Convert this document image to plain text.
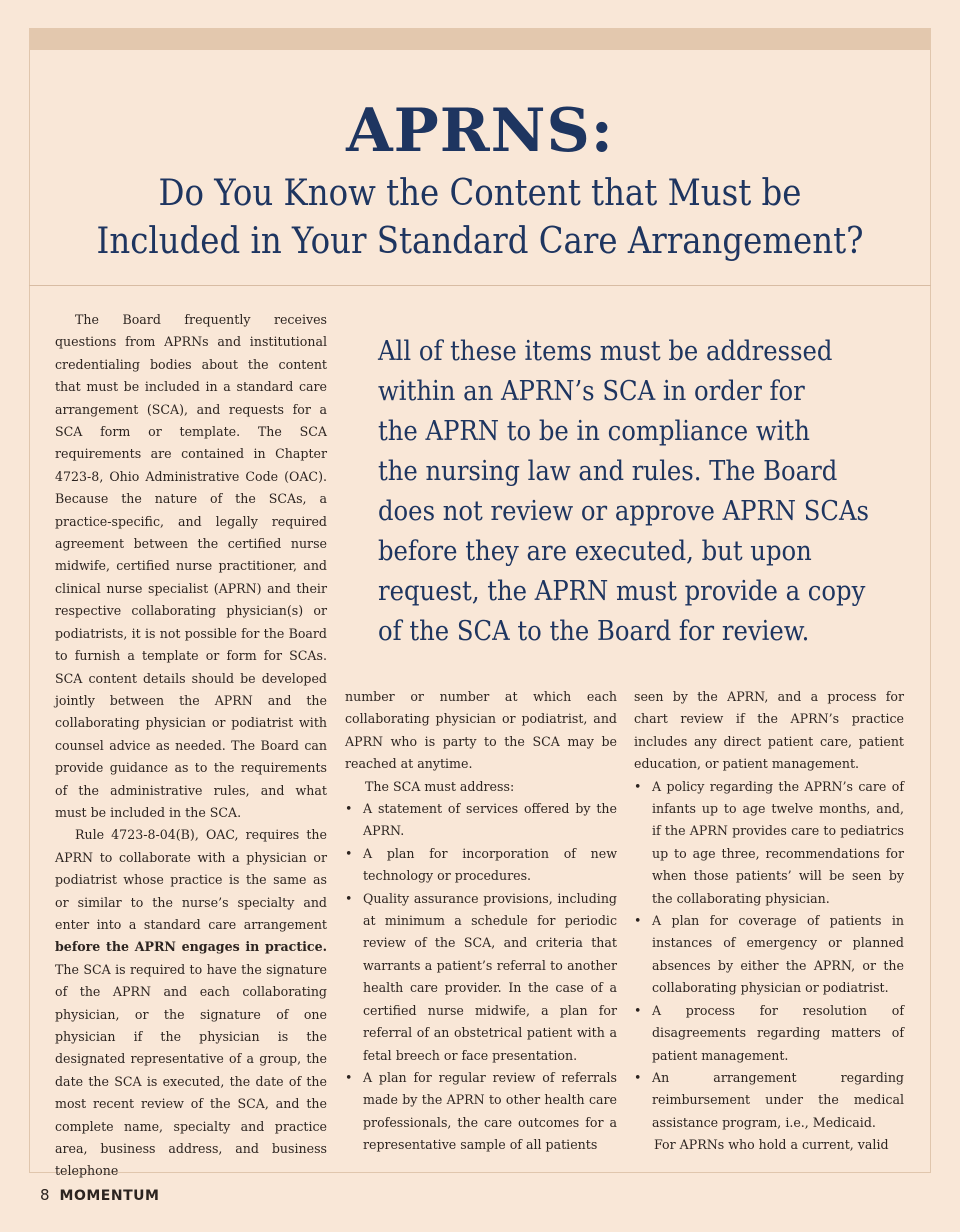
APRNS:
Do You Know the Content that Must be
Included in Your Standard Care Arrangement?

The Board frequently receives questions from APRNs and institutional credentialing bodies about the content that must be included in a standard care arrangement (SCA), and requests for a SCA form or template. The SCA requirements are contained in Chapter 4723-8, Ohio Administrative Code (OAC). Because the nature of the SCAs, a practice-specific, and legally required agreement between the certified nurse midwife, certified nurse practitioner, and clinical nurse specialist (APRN) and their respective collaborating physician(s) or podiatrists, it is not possible for the Board to furnish a template or form for SCAs. SCA content details should be developed jointly between the APRN and the collaborating physician or podiatrist with counsel advice as needed. The Board can provide guidance as to the requirements of the administrative rules, and what must be included in the SCA.

Rule 4723-8-04(B), OAC, requires the APRN to collaborate with a physician or podiatrist whose practice is the same as or similar to the nurse’s specialty and enter into a standard care arrangement before the APRN engages in practice. The SCA is required to have the signature of the APRN and each collaborating physician, or the signature of one physician if the physician is the designated representative of a group, the date the SCA is executed, the date of the most recent review of the SCA, and the complete name, specialty and practice area, business address, and business telephone

All of these items must be addressed

within an APRN’s SCA in order for

the APRN to be in compliance with

the nursing law and rules. The Board

does not review or approve APRN SCAs

before they are executed, but upon

request, the APRN must provide a copy

of the SCA to the Board for review.

number or number at which each collaborating physician or podiatrist, and APRN who is party to the SCA may be reached at anytime.

The SCA must address:

• A statement of services offered by the APRN.
• A plan for incorporation of new technology or procedures.
• Quality assurance provisions, including at minimum a schedule for periodic review of the SCA, and criteria that warrants a patient’s referral to another health care provider. In the case of a certified nurse midwife, a plan for referral of an obstetrical patient with a fetal breech or face presentation.
• A plan for regular review of referrals made by the APRN to other health care professionals, the care outcomes for a representative sample of all patients

seen by the APRN, and a process for chart review if the APRN’s practice includes any direct patient care, patient education, or patient management.

• A policy regarding the APRN’s care of infants up to age twelve months, and, if the APRN provides care to pediatrics up to age three, recommendations for when those patients’ will be seen by the collaborating physician.
• A plan for coverage of patients in instances of emergency or planned absences by either the APRN, or the collaborating physician or podiatrist.
• A process for resolution of disagreements regarding matters of patient management.
• An arrangement regarding reimbursement under the medical assistance program, i.e., Medicaid.

For APRNs who hold a current, valid

8 MOMENTUM
